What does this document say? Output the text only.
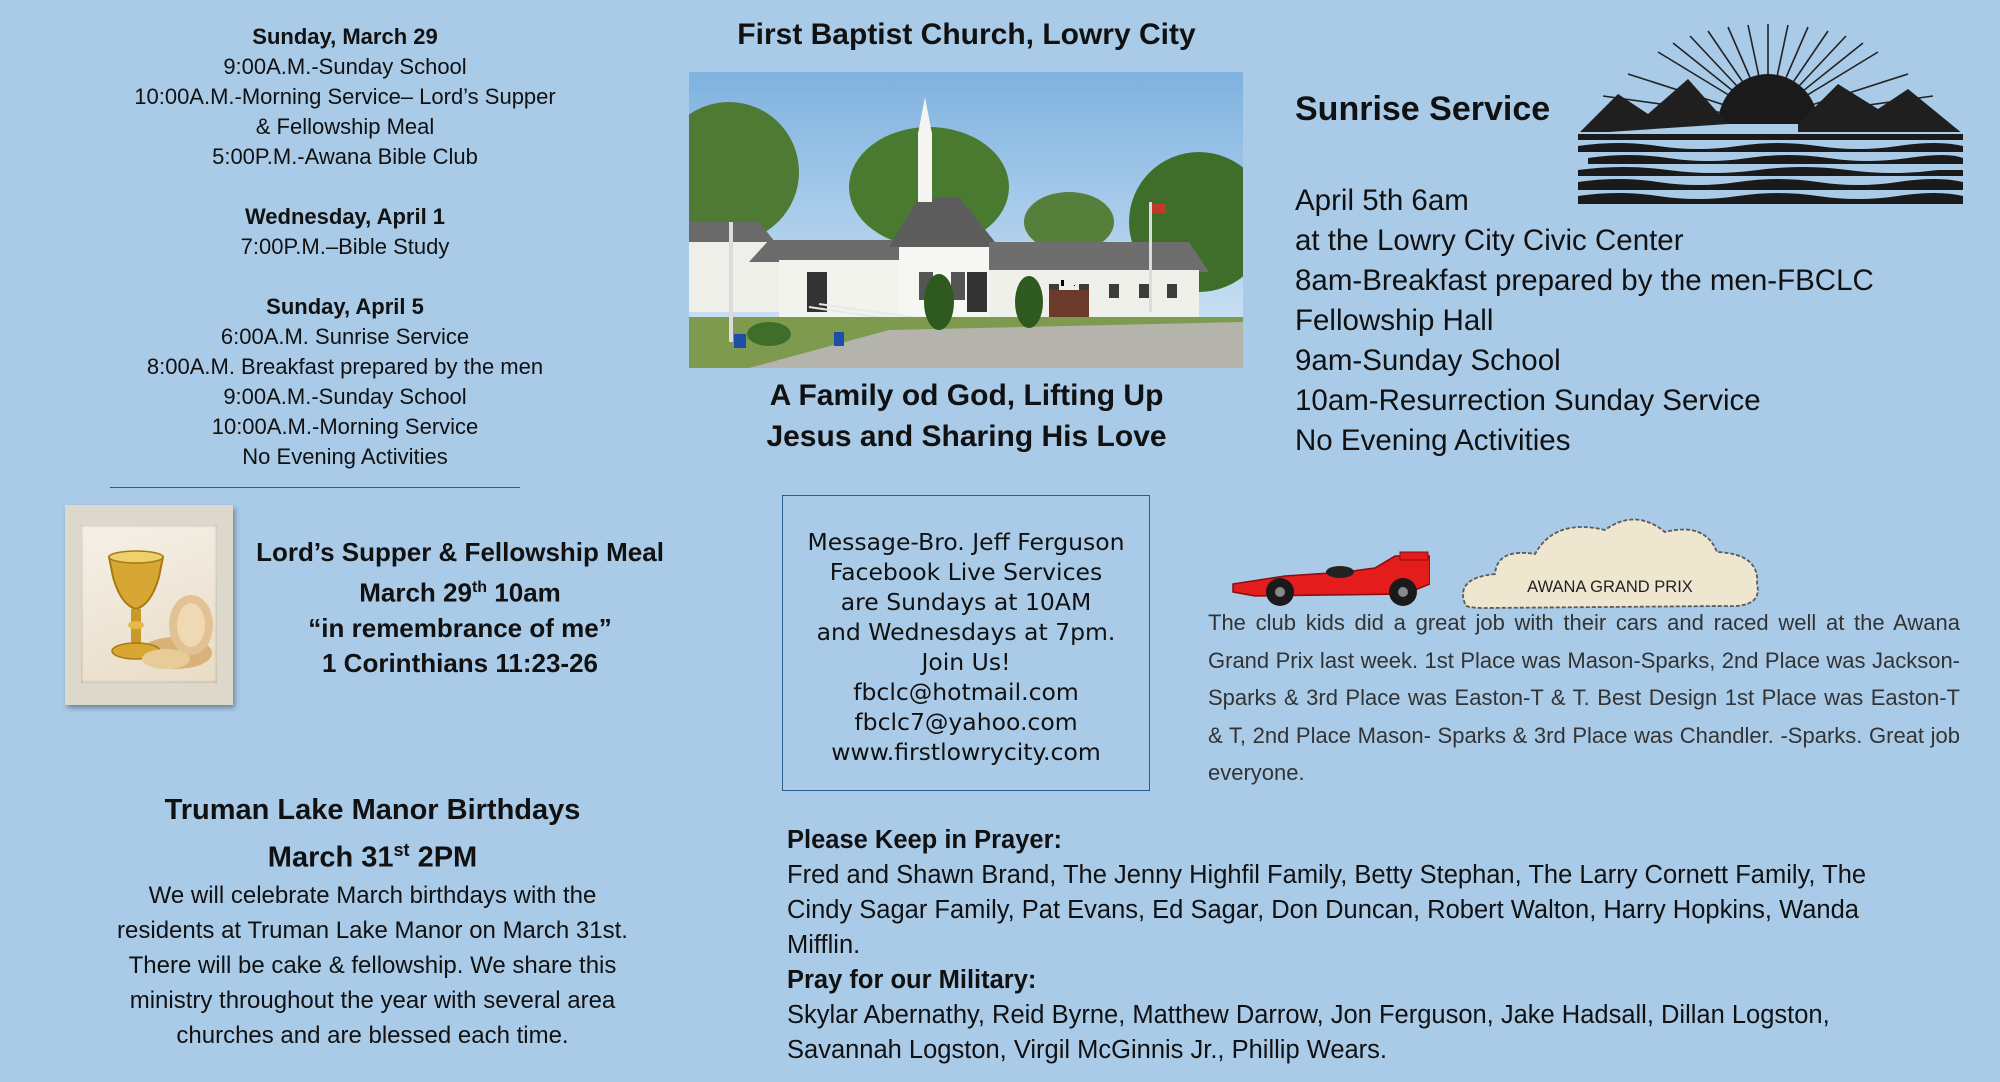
Sunday, March 29
9:00A.M.-Sunday School
10:00A.M.-Morning Service– Lord’s Supper
& Fellowship Meal
5:00P.M.-Awana Bible Club
Wednesday, April 1
7:00P.M.–Bible Study
Sunday, April 5
6:00A.M. Sunrise Service
8:00A.M. Breakfast prepared by the men
9:00A.M.-Sunday School
10:00A.M.-Morning Service
No Evening Activities
Lord’s Supper & Fellowship Meal
March 29th 10am
“in remembrance of me”
1 Corinthians 11:23-26
Truman Lake Manor Birthdays
March 31st 2PM
We will celebrate March birthdays with the
residents at Truman Lake Manor on March 31st.
There will be cake & fellowship. We share this
ministry throughout the year with several area
churches and are blessed each time.
First Baptist Church, Lowry City
A Family od God, Lifting Up
Jesus and Sharing His Love
Message-Bro. Jeff Ferguson
Facebook Live Services
are Sundays at 10AM
and Wednesdays at 7pm.
Join Us!
fbclc@hotmail.com
fbclc7@yahoo.com
www.firstlowrycity.com
Sunrise Service
April 5th 6am
at the Lowry City Civic Center
8am-Breakfast prepared by the men-FBCLC
Fellowship Hall
9am-Sunday School
10am-Resurrection Sunday Service
No Evening Activities
AWANA GRAND PRIX
The club kids did a great job with their cars and raced well at the Awana Grand Prix last week. 1st Place was Mason-Sparks, 2nd Place was Jackson- Sparks & 3rd Place was Easton-T & T. Best Design 1st Place was Easton-T & T, 2nd Place Mason- Sparks & 3rd Place was Chandler. -Sparks. Great job everyone.
Please Keep in Prayer:
Fred and Shawn Brand, The Jenny Highfil Family, Betty Stephan, The Larry Cornett Family, The Cindy Sagar Family, Pat Evans, Ed Sagar, Don Duncan, Robert Walton, Harry Hopkins, Wanda Mifflin.
Pray for our Military:
Skylar Abernathy, Reid Byrne, Matthew Darrow, Jon Ferguson, Jake Hadsall, Dillan Logston, Savannah Logston, Virgil McGinnis Jr., Phillip Wears.
